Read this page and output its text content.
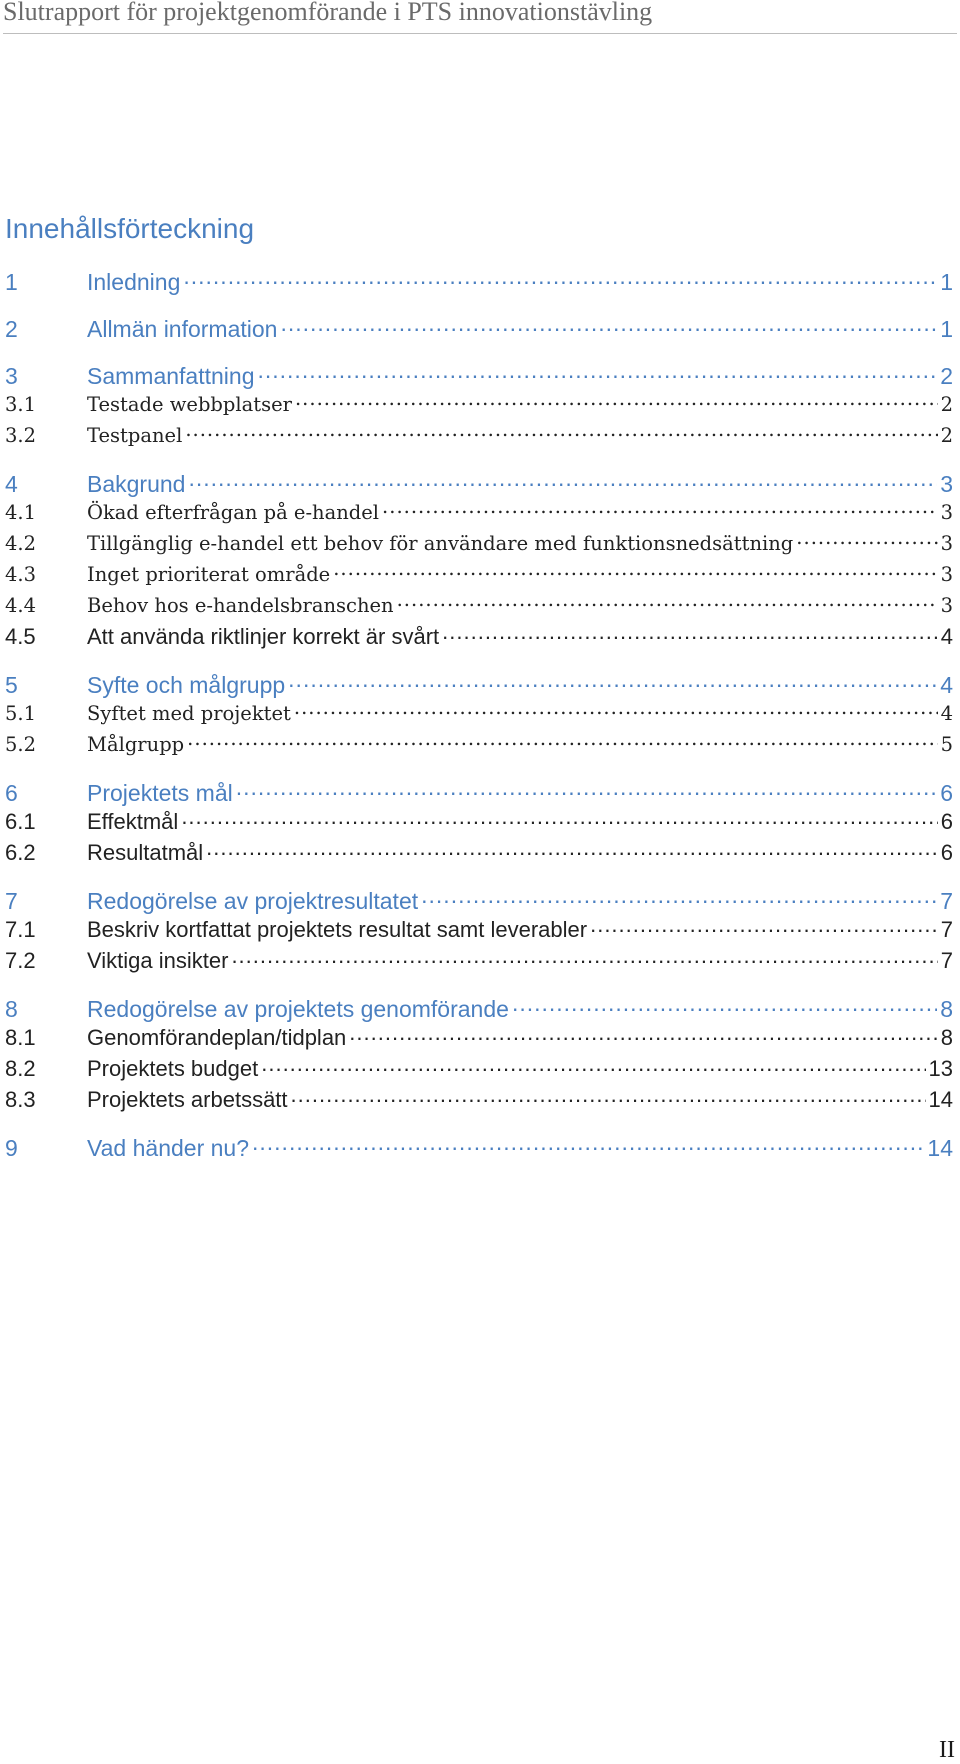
Slutrapport för projektgenomförande i PTS innovationstävling
Innehållsförteckning
1	Inledning .....	1
2	Allmän information .....	1
3	Sammanfattning .....	2
3.1	Testade webbplatser .....	2
3.2	Testpanel .....	2
4	Bakgrund .....	3
4.1	Ökad efterfrågan på e-handel .....	3
4.2	Tillgänglig e-handel ett behov för användare med funktionsnedsättning .....	3
4.3	Inget prioriterat område .....	3
4.4	Behov hos e-handelsbranschen .....	3
4.5	Att använda riktlinjer korrekt är svårt .....	4
5	Syfte och målgrupp .....	4
5.1	Syftet med projektet .....	4
5.2	Målgrupp .....	5
6	Projektets mål .....	6
6.1	Effektmål .....	6
6.2	Resultatmål .....	6
7	Redogörelse av projektresultatet .....	7
7.1	Beskriv kortfattat projektets resultat samt leverabler .....	7
7.2	Viktiga insikter .....	7
8	Redogörelse av projektets genomförande .....	8
8.1	Genomförandeplan/tidplan .....	8
8.2	Projektets budget .....	13
8.3	Projektets arbetssätt .....	14
9	Vad händer nu? .....	14
II
